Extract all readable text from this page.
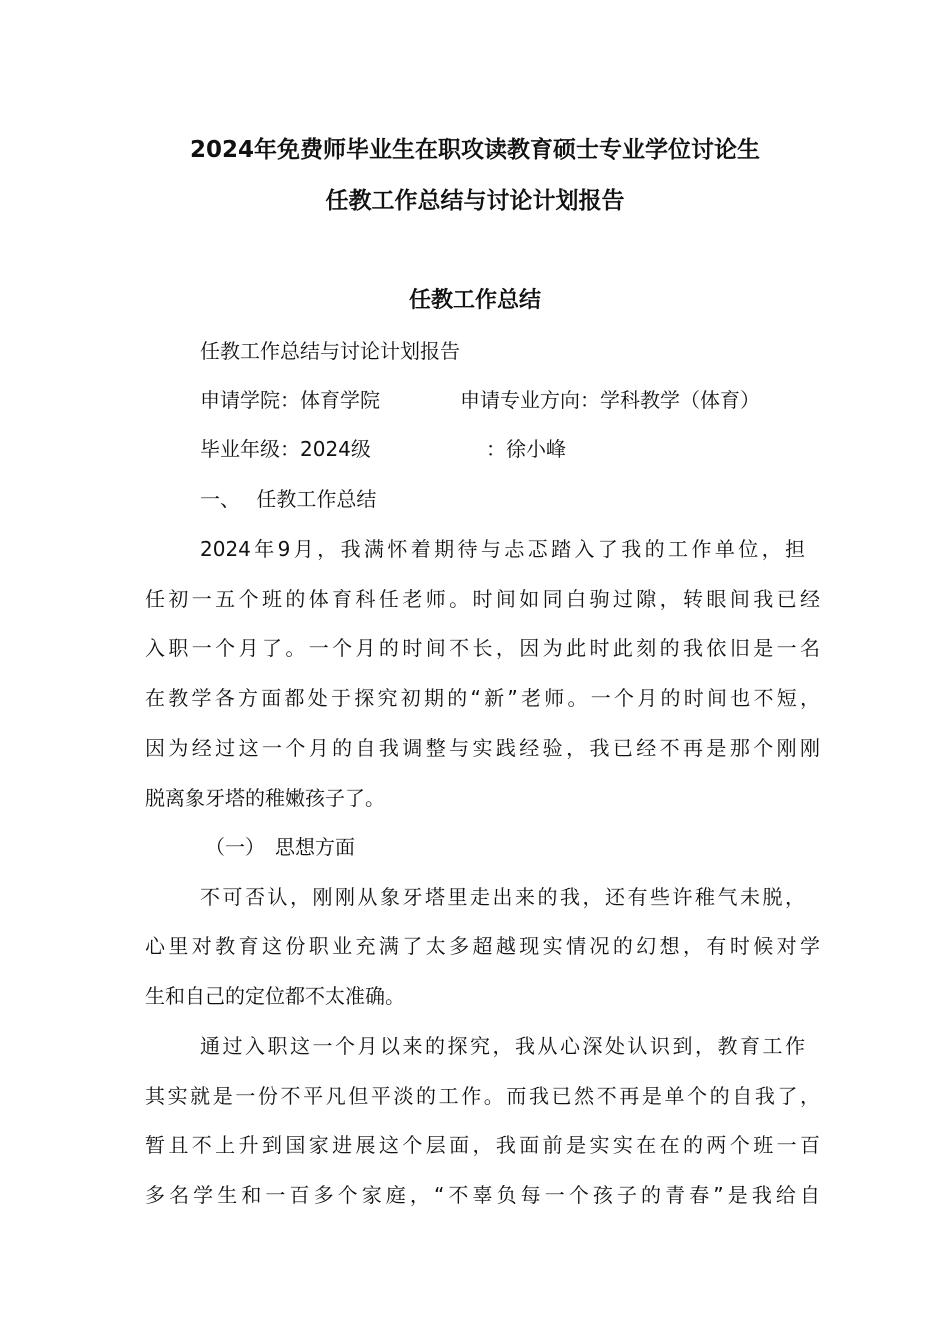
2024年免费师毕业生在职攻读教育硕士专业学位讨论生
任教工作总结与讨论计划报告
任教工作总结
任教工作总结与讨论计划报告
申请学院：体育学院	申请专业方向：学科教学（体育）
毕业年级：2024级	：徐小峰
一、　 任教工作总结
2024年9月，我满怀着期待与忐忑踏入了我的工作单位，担
任初一五个班的体育科任老师。时间如同白驹过隙，转眼间我已经
入职一个月了。一个月的时间不长，因为此时此刻的我依旧是一名
在教学各方面都处于探究初期的“新”老师。一个月的时间也不短，
因为经过这一个月的自我调整与实践经验，我已经不再是那个刚刚
脱离象牙塔的稚嫩孩子了。
（一）　思想方面
不可否认，刚刚从象牙塔里走出来的我，还有些许稚气未脱，
心里对教育这份职业充满了太多超越现实情况的幻想，有时候对学
生和自己的定位都不太准确。
通过入职这一个月以来的探究，我从心深处认识到，教育工作
其实就是一份不平凡但平淡的工作。而我已然不再是单个的自我了，
暂且不上升到国家进展这个层面，我面前是实实在在的两个班一百
多名学生和一百多个家庭，“不辜负每一个孩子的青春”是我给自
